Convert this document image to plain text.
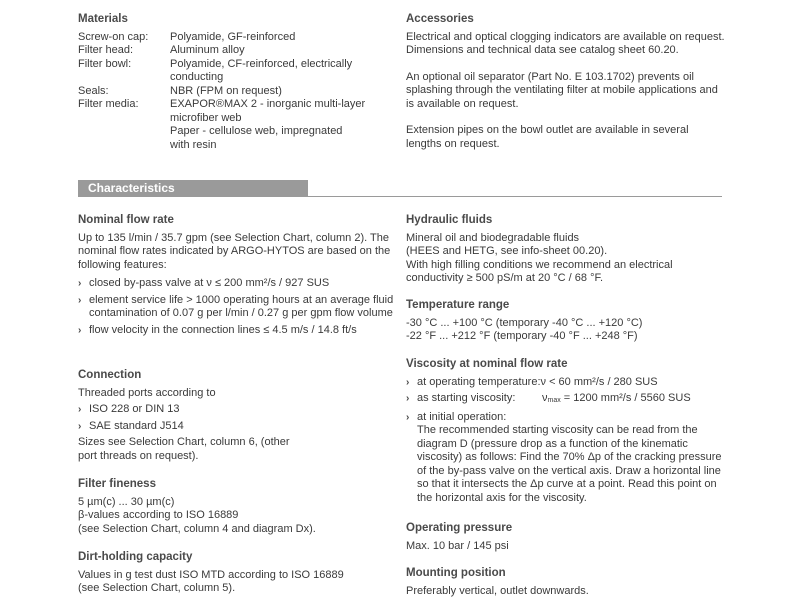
Materials
Screw-on cap:	Polyamide, GF-reinforced
Filter head:	Aluminum alloy
Filter bowl:	Polyamide, CF-reinforced, electrically conducting
Seals:	NBR (FPM on request)
Filter media:	EXAPOR®MAX 2 - inorganic multi-layer microfiber web
Paper - cellulose web, impregnated with resin
Accessories

Electrical and optical clogging indicators are available on request. Dimensions and technical data see catalog sheet 60.20.

An optional oil separator (Part No. E 103.1702) prevents oil splashing through the ventilating filter at mobile applications and is available on request.

Extension pipes on the bowl outlet are available in several lengths on request.

Characteristics
Nominal flow rate

Up to 135 l/min / 35.7 gpm (see Selection Chart, column 2). The nominal flow rates indicated by ARGO-HYTOS are based on the following features:

› closed by-pass valve at ν ≤ 200 mm²/s / 927 SUS
› element service life > 1000 operating hours at an average fluid contamination of 0.07 g per l/min / 0.27 g per gpm flow volume
› flow velocity in the connection lines ≤ 4.5 m/s / 14.8 ft/s
Connection

Threaded ports according to

› ISO 228 or DIN 13
› SAE standard J514

Sizes see Selection Chart, column 6, (other port threads on request).

Filter fineness

5 µm(c) ... 30 µm(c)

β-values according to ISO 16889

(see Selection Chart, column 4 and diagram Dx).

Dirt-holding capacity

Values in g test dust ISO MTD according to ISO 16889

(see Selection Chart, column 5).

Hydraulic fluids

Mineral oil and biodegradable fluids

(HEES and HETG, see info-sheet 00.20).

With high filling conditions we recommend an electrical conductivity ≥ 500 pS/m at 20 °C / 68 °F.

Temperature range

-30 °C ... +100 °C (temporary -40 °C ... +120 °C)

-22 °F ... +212 °F (temporary -40 °F ... +248 °F)

Viscosity at nominal flow rate
› at operating temperature:ν < 60 mm²/s / 280 SUS
› as starting viscosity: νmax = 1200 mm²/s / 5560 SUS
› at initial operation:
The recommended starting viscosity can be read from the diagram D (pressure drop as a function of the kinematic viscosity) as follows: Find the 70% Δp of the cracking pressure of the by-pass valve on the vertical axis. Draw a horizontal line so that it intersects the Δp curve at a point. Read this point on the horizontal axis for the viscosity.
Operating pressure

Max. 10 bar / 145 psi

Mounting position

Preferably vertical, outlet downwards.
